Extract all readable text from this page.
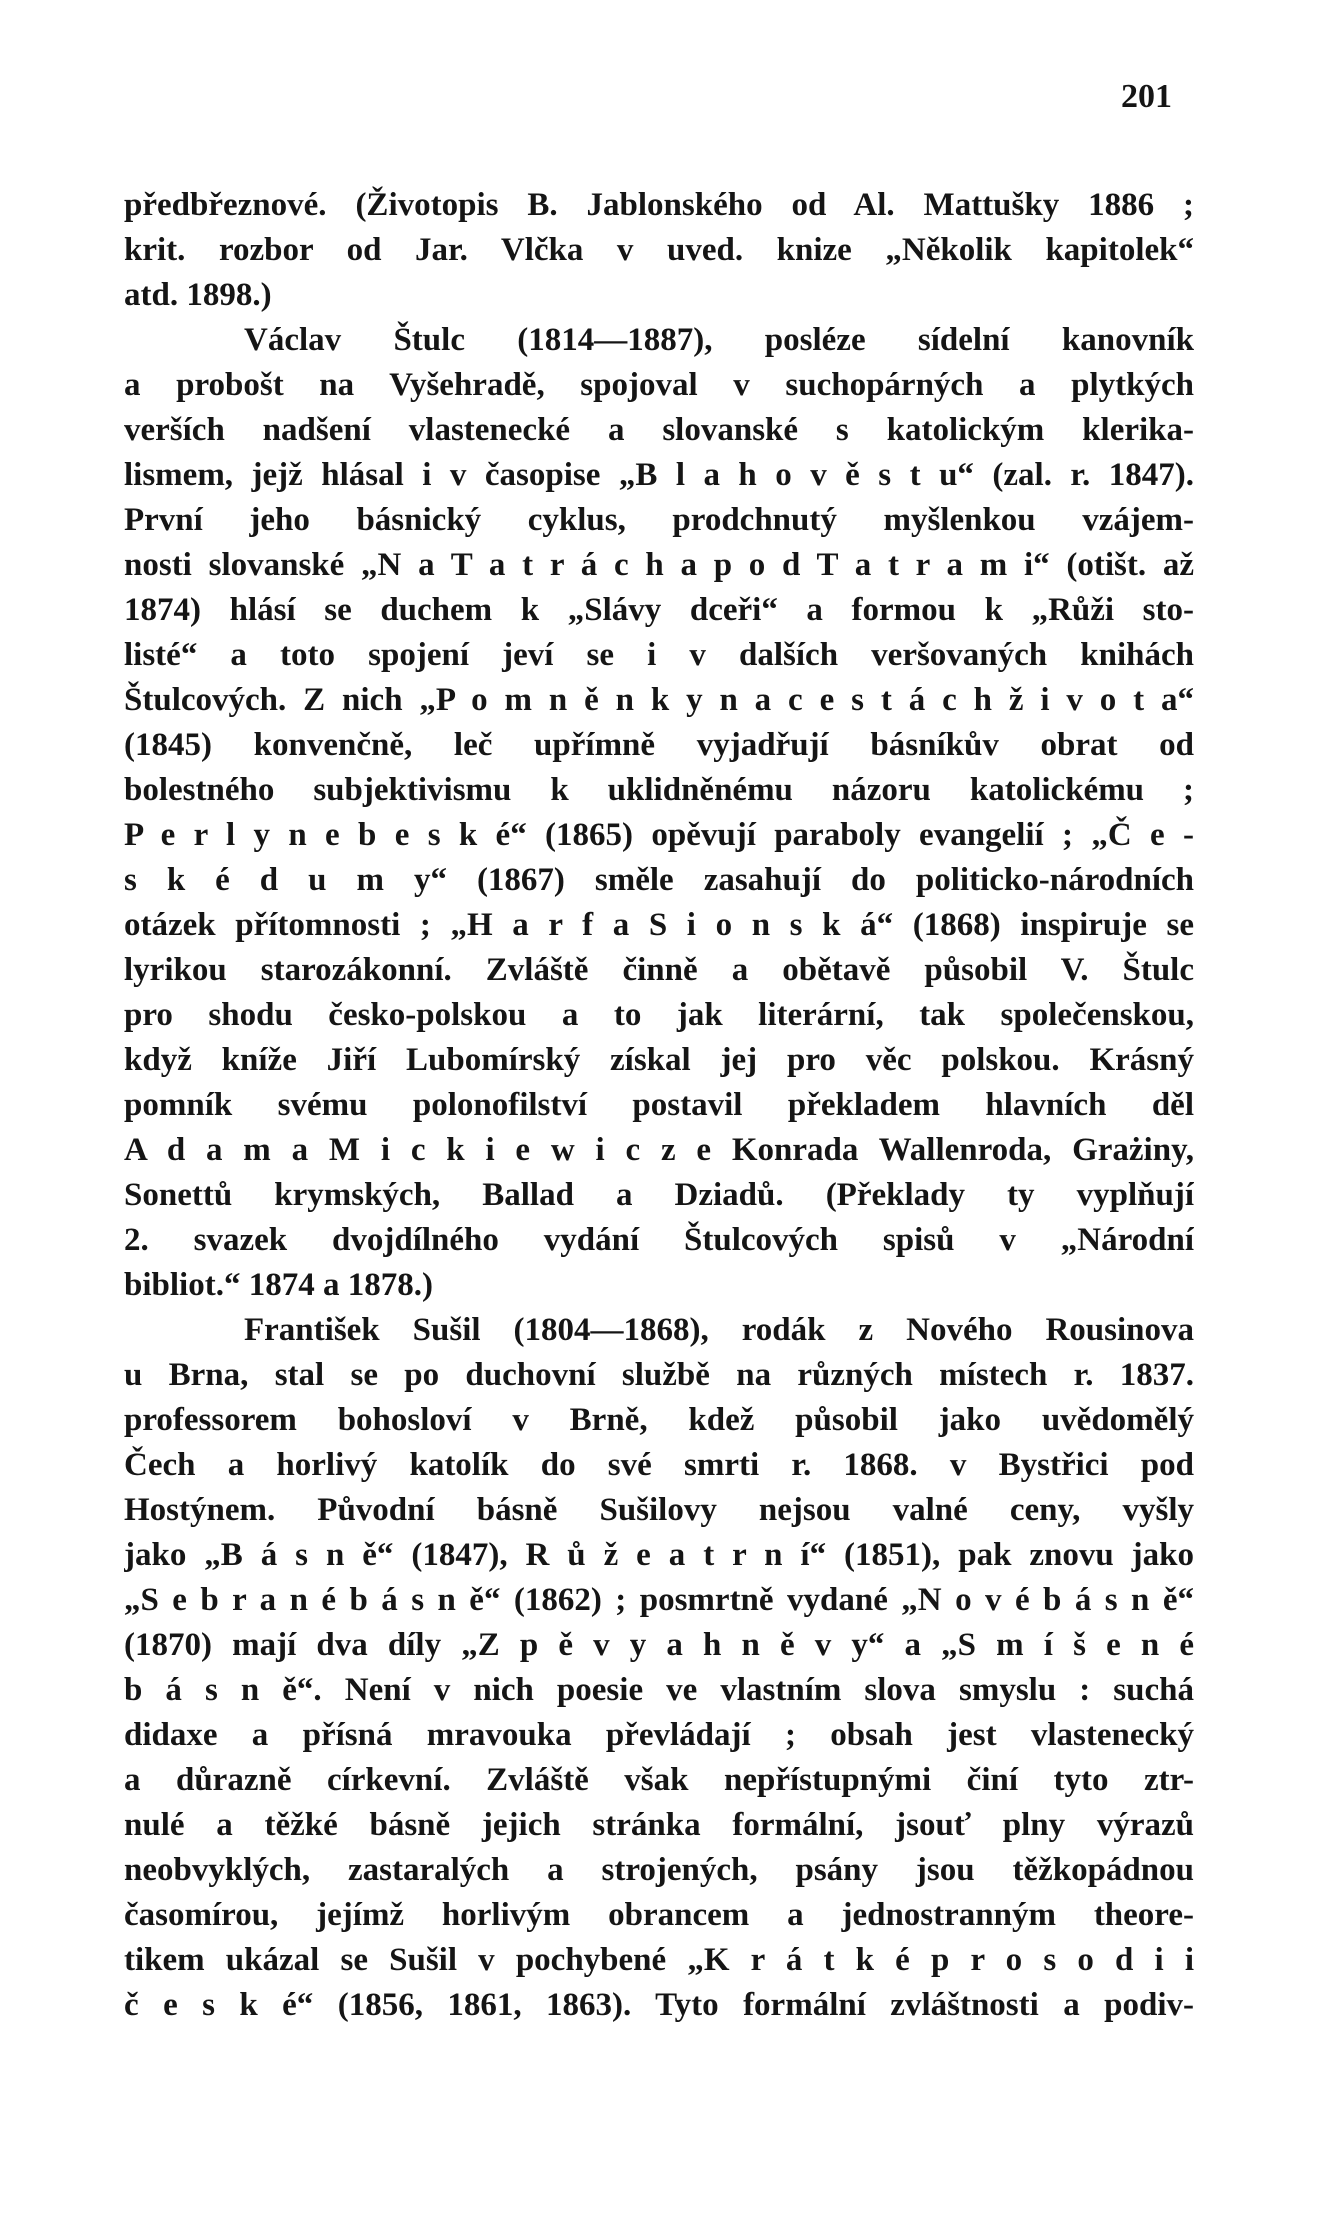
201
předbřeznové. (Životopis B. Jablonského od Al. Mattušky 1886 ;
krit. rozbor od Jar. Vlčka v uved. knize „Několik kapitolek“
atd. 1898.)
Václav Štulc (1814—1887), posléze sídelní kanovník
a probošt na Vyšehradě, spojoval v suchopárných a plytkých
verších nadšení vlastenecké a slovanské s katolickým klerika-
lismem, jejž hlásal i v časopise „B l a h o v ě s t u“ (zal. r. 1847).
První jeho básnický cyklus, prodchnutý myšlenkou vzájem-
nosti slovanské „N a T a t r á c h a p o d T a t r a m i“ (otišt. až
1874) hlásí se duchem k „Slávy dceři“ a formou k „Růži sto-
listé“ a toto spojení jeví se i v dalších veršovaných knihách
Štulcových. Z nich „P o m n ě n k y n a c e s t á c h ž i v o t a“
(1845) konvenčně, leč upřímně vyjadřují básníkův obrat od
bolestného subjektivismu k uklidněnému názoru katolickému ;
P e r l y n e b e s k é“ (1865) opěvují paraboly evangelií ; „Č e -
s k é d u m y“ (1867) směle zasahují do politicko-národních
otázek přítomnosti ; „H a r f a S i o n s k á“ (1868) inspiruje se
lyrikou starozákonní. Zvláště činně a obětavě působil V. Štulc
pro shodu česko-polskou a to jak literární, tak společenskou,
když kníže Jiří Lubomírský získal jej pro věc polskou. Krásný
pomník svému polonofilství postavil překladem hlavních děl
A d a m a M i c k i e w i c z e Konrada Wallenroda, Grażiny,
Sonettů krymských, Ballad a Dziadů. (Překlady ty vyplňují
2. svazek dvojdílného vydání Štulcových spisů v „Národní
bibliot.“ 1874 a 1878.)
František Sušil (1804—1868), rodák z Nového Rousinova
u Brna, stal se po duchovní službě na různých místech r. 1837.
professorem bohosloví v Brně, kdež působil jako uvědomělý
Čech a horlivý katolík do své smrti r. 1868. v Bystřici pod
Hostýnem. Původní básně Sušilovy nejsou valné ceny, vyšly
jako „B á s n ě“ (1847), R ů ž e a t r n í“ (1851), pak znovu jako
„S e b r a n é b á s n ě“ (1862) ; posmrtně vydané „N o v é b á s n ě“
(1870) mají dva díly „Z p ě v y a h n ě v y“ a „S m í š e n é
b á s n ě“. Není v nich poesie ve vlastním slova smyslu : suchá
didaxe a přísná mravouka převládají ; obsah jest vlastenecký
a důrazně církevní. Zvláště však nepřístupnými činí tyto ztr-
nulé a těžké básně jejich stránka formální, jsouť plny výrazů
neobvyklých, zastaralých a strojených, psány jsou těžkopádnou
časomírou, jejímž horlivým obrancem a jednostranným theore-
tikem ukázal se Sušil v pochybené „K r á t k é p r o s o d i i
č e s k é“ (1856, 1861, 1863). Tyto formální zvláštnosti a podiv-
